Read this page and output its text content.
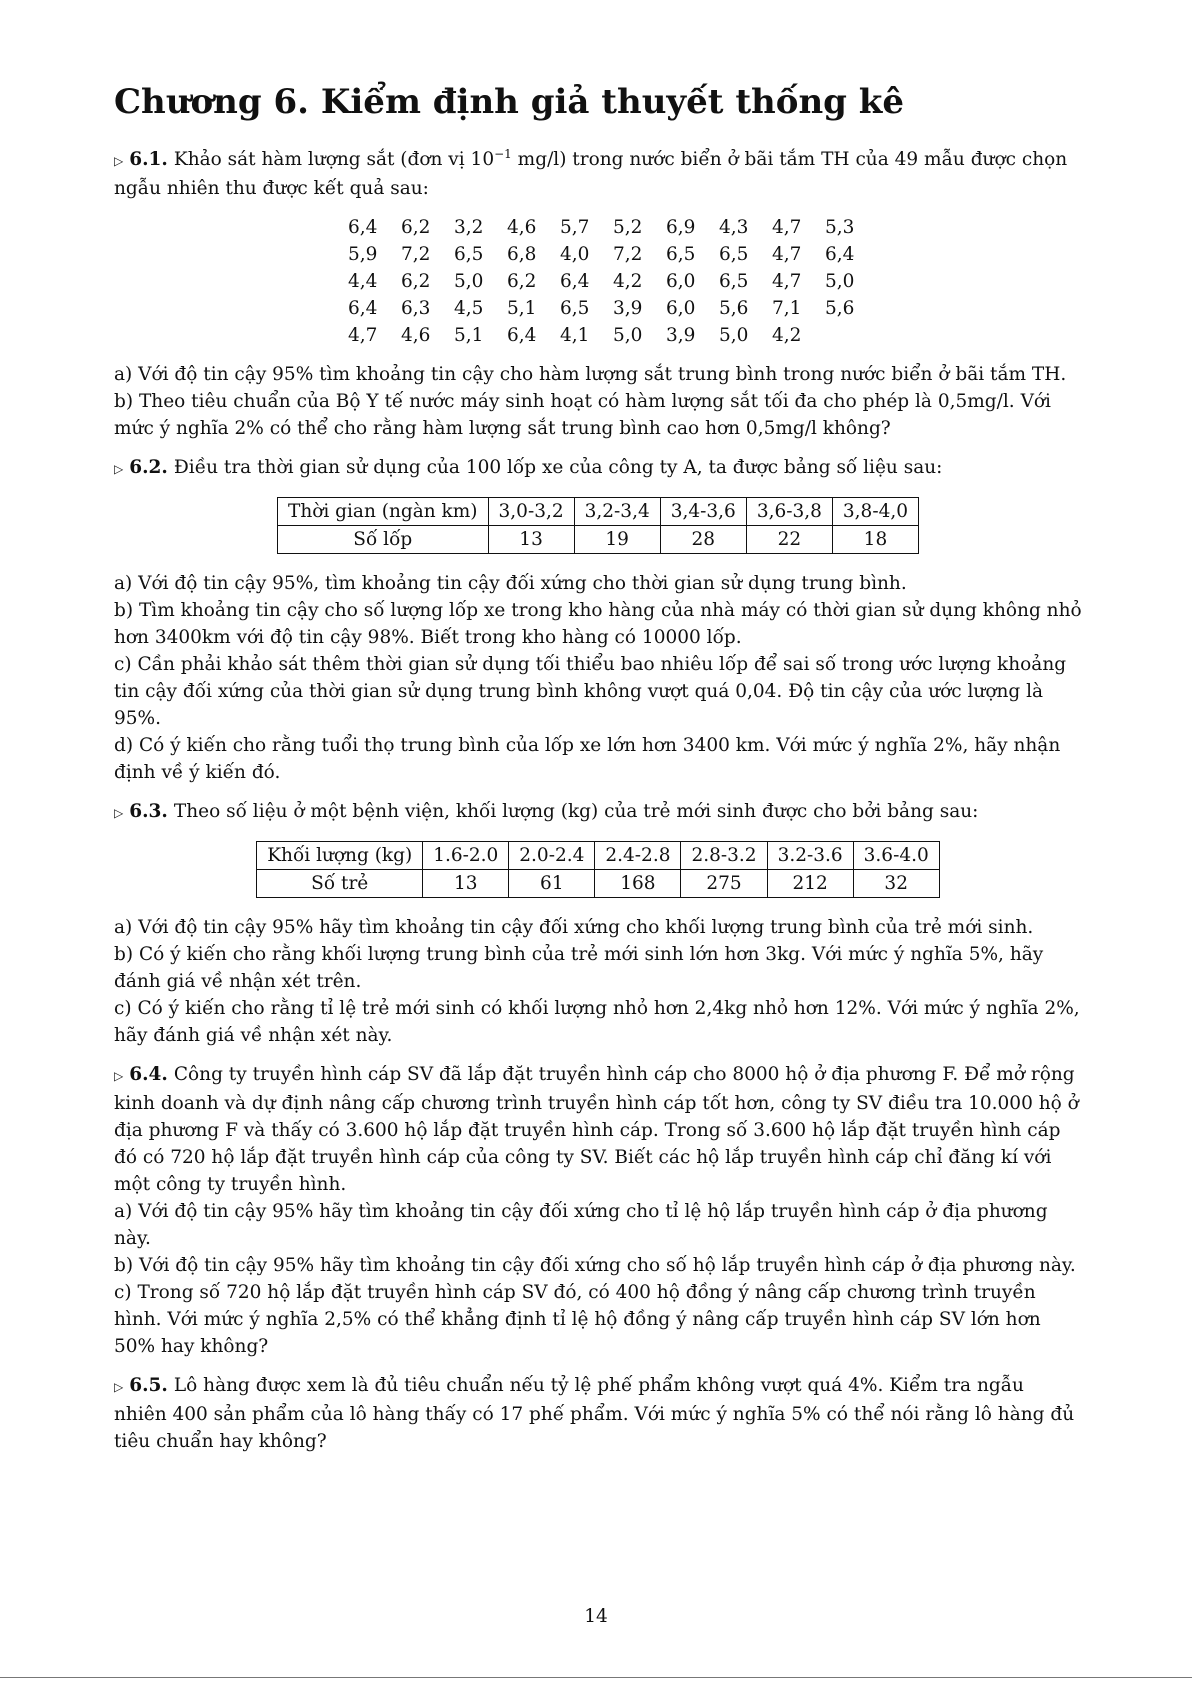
Chương 6. Kiểm định giả thuyết thống kê

▷ 6.1. Khảo sát hàm lượng sắt (đơn vị $10^{-1}$ mg/l) trong nước biển ở bãi tắm TH của 49 mẫu được chọn ngẫu nhiên thu được kết quả sau:

6,4	6,2	3,2	4,6	5,7	5,2	6,9	4,3	4,7	5,3
5,9	7,2	6,5	6,8	4,0	7,2	6,5	6,5	4,7	6,4
4,4	6,2	5,0	6,2	6,4	4,2	6,0	6,5	4,7	5,0
6,4	6,3	4,5	5,1	6,5	3,9	6,0	5,6	7,1	5,6
4,7	4,6	5,1	6,4	4,1	5,0	3,9	5,0	4,2	

a) Với độ tin cậy 95% tìm khoảng tin cậy cho hàm lượng sắt trung bình trong nước biển ở bãi tắm TH.

b) Theo tiêu chuẩn của Bộ Y tế nước máy sinh hoạt có hàm lượng sắt tối đa cho phép là 0,5mg/l. Với mức ý nghĩa 2% có thể cho rằng hàm lượng sắt trung bình cao hơn 0,5mg/l không?

▷ 6.2. Điều tra thời gian sử dụng của 100 lốp xe của công ty A, ta được bảng số liệu sau:

Thời gian (ngàn km)	3,0-3,2	3,2-3,4	3,4-3,6	3,6-3,8	3,8-4,0
Số lốp	13	19	28	22	18

a) Với độ tin cậy 95%, tìm khoảng tin cậy đối xứng cho thời gian sử dụng trung bình.

b) Tìm khoảng tin cậy cho số lượng lốp xe trong kho hàng của nhà máy có thời gian sử dụng không nhỏ hơn 3400km với độ tin cậy 98%. Biết trong kho hàng có 10000 lốp.

c) Cần phải khảo sát thêm thời gian sử dụng tối thiểu bao nhiêu lốp để sai số trong ước lượng khoảng tin cậy đối xứng của thời gian sử dụng trung bình không vượt quá 0,04. Độ tin cậy của ước lượng là 95%.

d) Có ý kiến cho rằng tuổi thọ trung bình của lốp xe lớn hơn 3400 km. Với mức ý nghĩa 2%, hãy nhận định về ý kiến đó.

▷ 6.3. Theo số liệu ở một bệnh viện, khối lượng (kg) của trẻ mới sinh được cho bởi bảng sau:

Khối lượng (kg)	1.6-2.0	2.0-2.4	2.4-2.8	2.8-3.2	3.2-3.6	3.6-4.0
Số trẻ	13	61	168	275	212	32

a) Với độ tin cậy 95% hãy tìm khoảng tin cậy đối xứng cho khối lượng trung bình của trẻ mới sinh.

b) Có ý kiến cho rằng khối lượng trung bình của trẻ mới sinh lớn hơn 3kg. Với mức ý nghĩa 5%, hãy đánh giá về nhận xét trên.

c) Có ý kiến cho rằng tỉ lệ trẻ mới sinh có khối lượng nhỏ hơn 2,4kg nhỏ hơn 12%. Với mức ý nghĩa 2%, hãy đánh giá về nhận xét này.

▷ 6.4. Công ty truyền hình cáp SV đã lắp đặt truyền hình cáp cho 8000 hộ ở địa phương F. Để mở rộng kinh doanh và dự định nâng cấp chương trình truyền hình cáp tốt hơn, công ty SV điều tra 10.000 hộ ở địa phương F và thấy có 3.600 hộ lắp đặt truyền hình cáp. Trong số 3.600 hộ lắp đặt truyền hình cáp đó có 720 hộ lắp đặt truyền hình cáp của công ty SV. Biết các hộ lắp truyền hình cáp chỉ đăng kí với một công ty truyền hình.

a) Với độ tin cậy 95% hãy tìm khoảng tin cậy đối xứng cho tỉ lệ hộ lắp truyền hình cáp ở địa phương này.

b) Với độ tin cậy 95% hãy tìm khoảng tin cậy đối xứng cho số hộ lắp truyền hình cáp ở địa phương này.

c) Trong số 720 hộ lắp đặt truyền hình cáp SV đó, có 400 hộ đồng ý nâng cấp chương trình truyền hình. Với mức ý nghĩa 2,5% có thể khẳng định tỉ lệ hộ đồng ý nâng cấp truyền hình cáp SV lớn hơn 50% hay không?

▷ 6.5. Lô hàng được xem là đủ tiêu chuẩn nếu tỷ lệ phế phẩm không vượt quá 4%. Kiểm tra ngẫu nhiên 400 sản phẩm của lô hàng thấy có 17 phế phẩm. Với mức ý nghĩa 5% có thể nói rằng lô hàng đủ tiêu chuẩn hay không?

14
